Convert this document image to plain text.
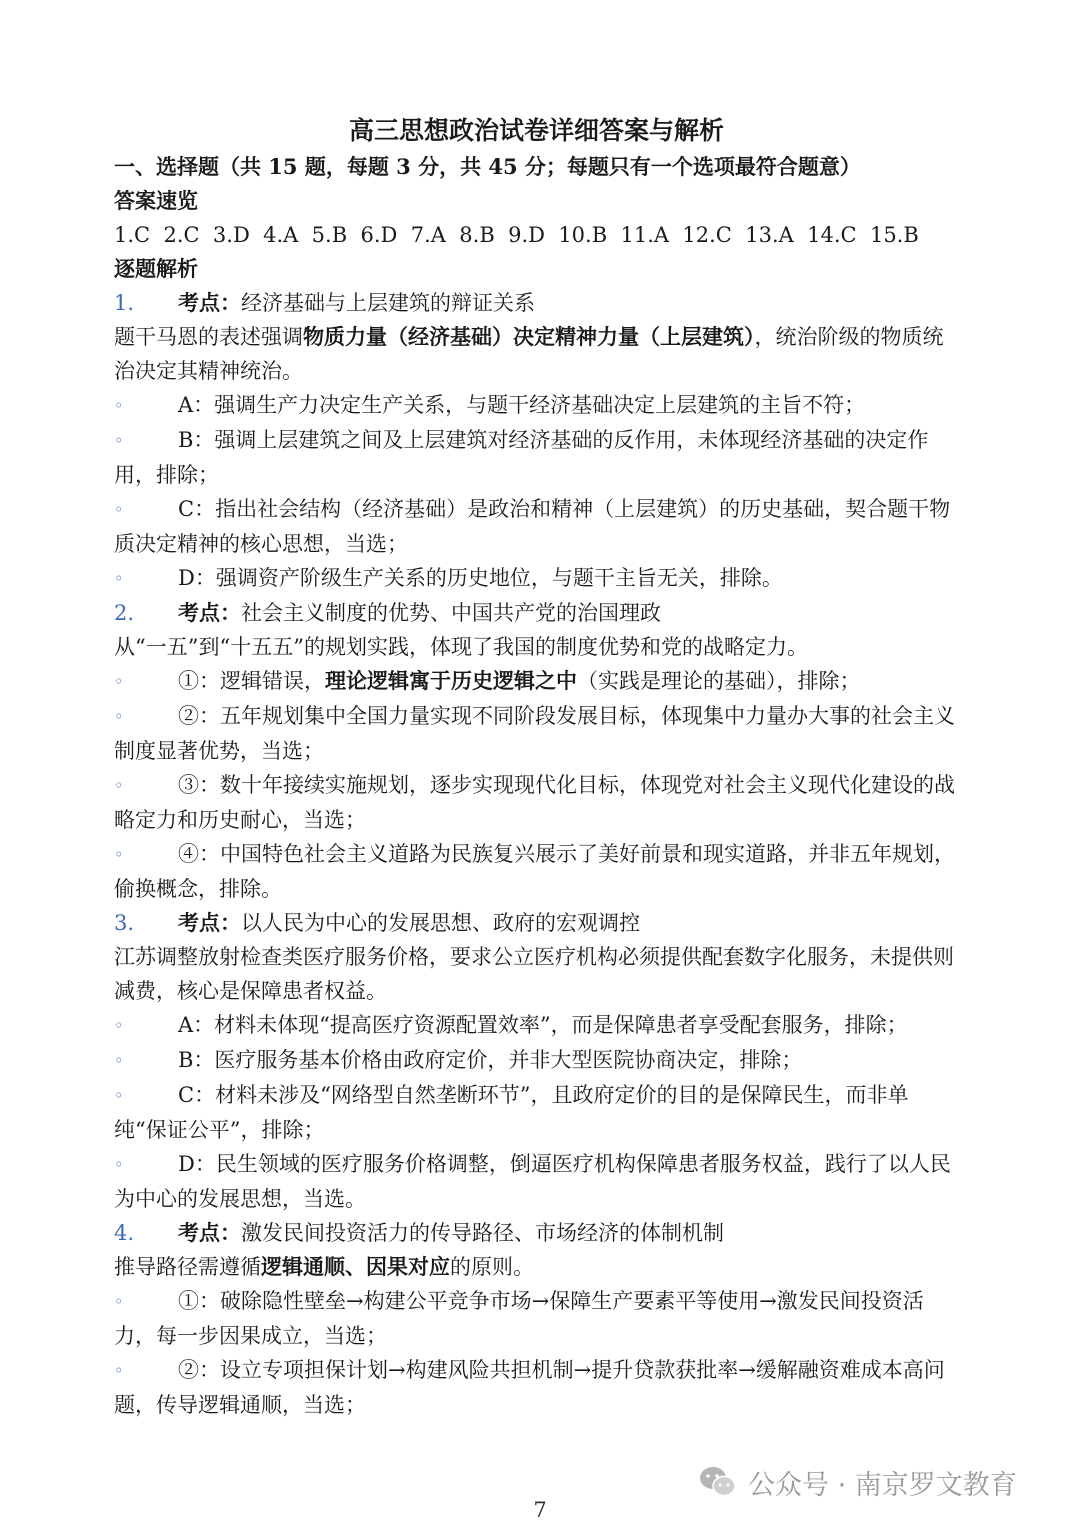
高三思想政治试卷详细答案与解析
一、选择题（共 15 题，每题 3 分，共 45 分；每题只有一个选项最符合题意）
答案速览
1.C  2.C  3.D  4.A  5.B  6.D  7.A  8.B  9.D  10.B  11.A  12.C  13.A  14.C  15.B
逐题解析
1. 考点：经济基础与上层建筑的辩证关系
题干马恩的表述强调物质力量（经济基础）决定精神力量（上层建筑），统治阶级的物质统治决定其精神统治。
◦	A：强调生产力决定生产关系，与题干经济基础决定上层建筑的主旨不符；
◦	B：强调上层建筑之间及上层建筑对经济基础的反作用，未体现经济基础的决定作用，排除；
◦	C：指出社会结构（经济基础）是政治和精神（上层建筑）的历史基础，契合题干物质决定精神的核心思想，当选；
◦	D：强调资产阶级生产关系的历史地位，与题干主旨无关，排除。
2. 考点：社会主义制度的优势、中国共产党的治国理政
从“一五”到“十五五”的规划实践，体现了我国的制度优势和党的战略定力。
◦	①：逻辑错误，理论逻辑寓于历史逻辑之中（实践是理论的基础），排除；
◦	②：五年规划集中全国力量实现不同阶段发展目标，体现集中力量办大事的社会主义制度显著优势，当选；
◦	③：数十年接续实施规划，逐步实现现代化目标，体现党对社会主义现代化建设的战略定力和历史耐心，当选；
◦	④：中国特色社会主义道路为民族复兴展示了美好前景和现实道路，并非五年规划，偷换概念，排除。
3. 考点：以人民为中心的发展思想、政府的宏观调控
江苏调整放射检查类医疗服务价格，要求公立医疗机构必须提供配套数字化服务，未提供则减费，核心是保障患者权益。
◦	A：材料未体现“提高医疗资源配置效率”，而是保障患者享受配套服务，排除；
◦	B：医疗服务基本价格由政府定价，并非大型医院协商决定，排除；
◦	C：材料未涉及“网络型自然垄断环节”，且政府定价的目的是保障民生，而非单纯“保证公平”，排除；
◦	D：民生领域的医疗服务价格调整，倒逼医疗机构保障患者服务权益，践行了以人民为中心的发展思想，当选。
4. 考点：激发民间投资活力的传导路径、市场经济的体制机制
推导路径需遵循逻辑通顺、因果对应的原则。
◦	①：破除隐性壁垒→构建公平竞争市场→保障生产要素平等使用→激发民间投资活力，每一步因果成立，当选；
◦	②：设立专项担保计划→构建风险共担机制→提升贷款获批率→缓解融资难成本高问题，传导逻辑通顺，当选；
公众号 · 南京罗文教育
7
